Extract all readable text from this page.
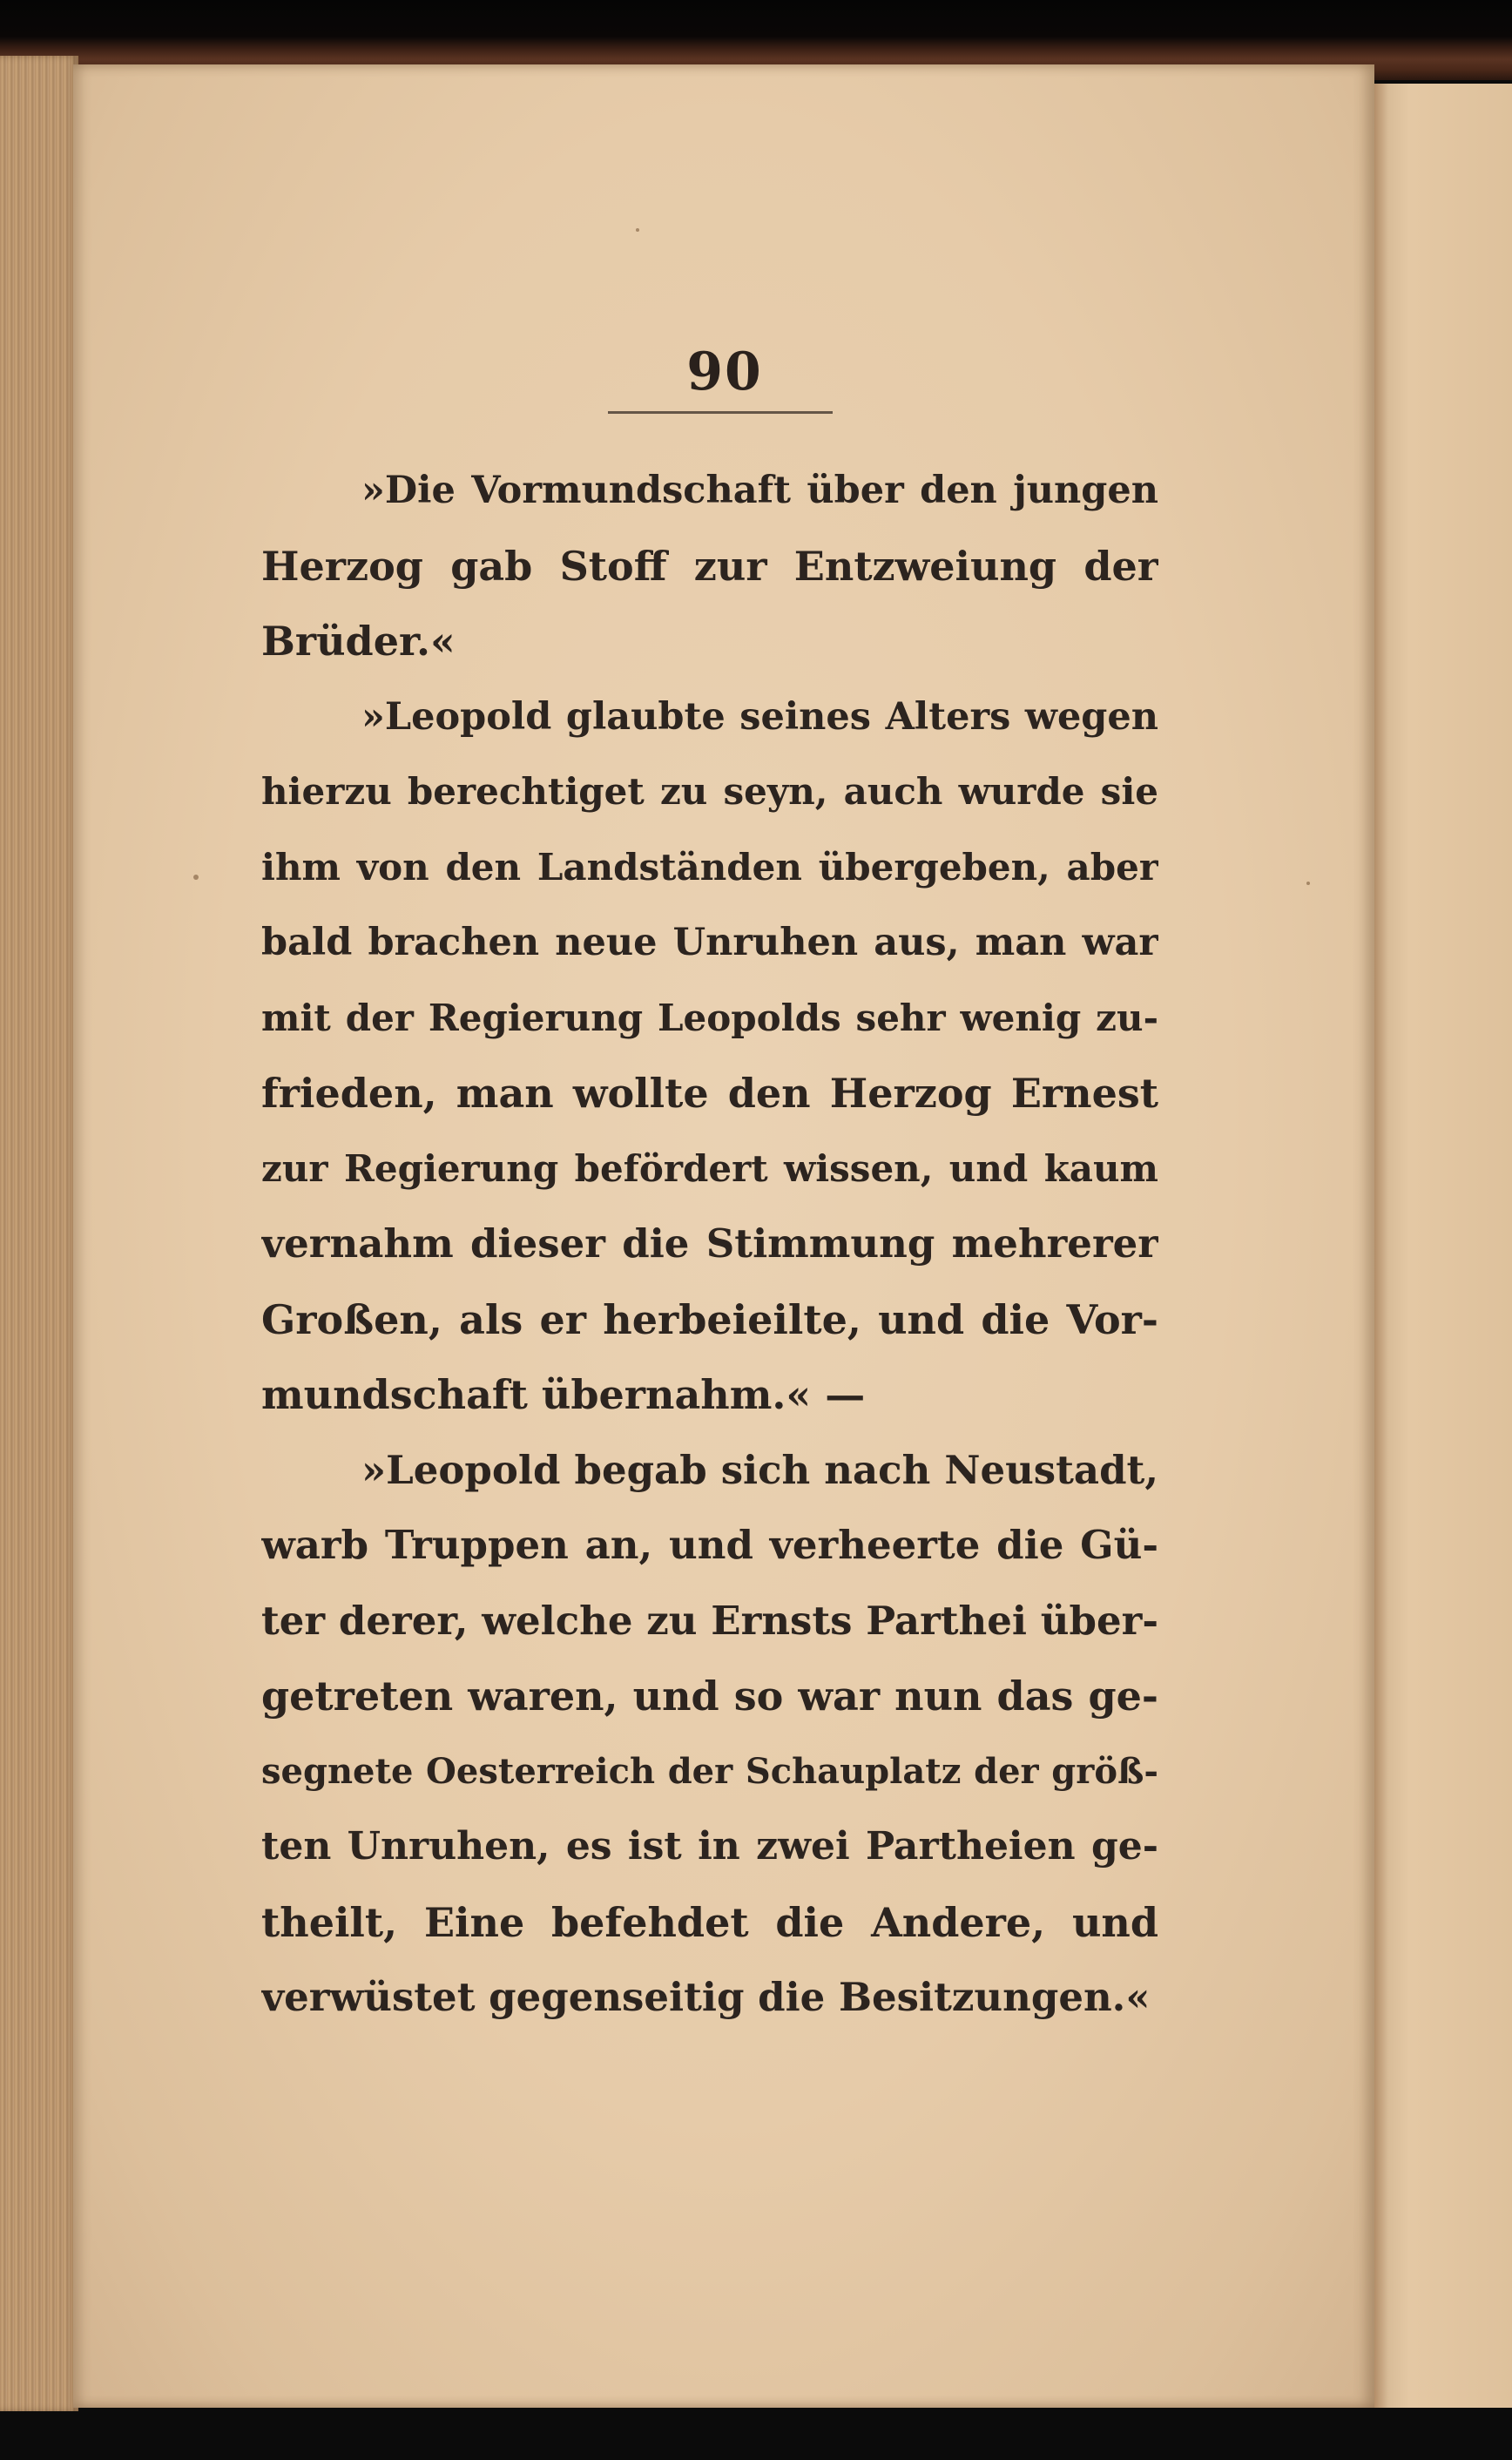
90
»Die Vormundschaft über den jungen
Herzog gab Stoff zur Entzweiung der
Brüder.«
»Leopold glaubte seines Alters wegen
hierzu berechtiget zu seyn, auch wurde sie
ihm von den Landständen übergeben, aber
bald brachen neue Unruhen aus, man war
mit der Regierung Leopolds sehr wenig zu-
frieden, man wollte den Herzog Ernest
zur Regierung befördert wissen, und kaum
vernahm dieser die Stimmung mehrerer
Großen, als er herbeieilte, und die Vor-
mundschaft übernahm.« —
»Leopold begab sich nach Neustadt,
warb Truppen an, und verheerte die Gü-
ter derer, welche zu Ernsts Parthei über-
getreten waren, und so war nun das ge-
segnete Oesterreich der Schauplatz der größ-
ten Unruhen, es ist in zwei Partheien ge-
theilt, Eine befehdet die Andere, und
verwüstet gegenseitig die Besitzungen.«
